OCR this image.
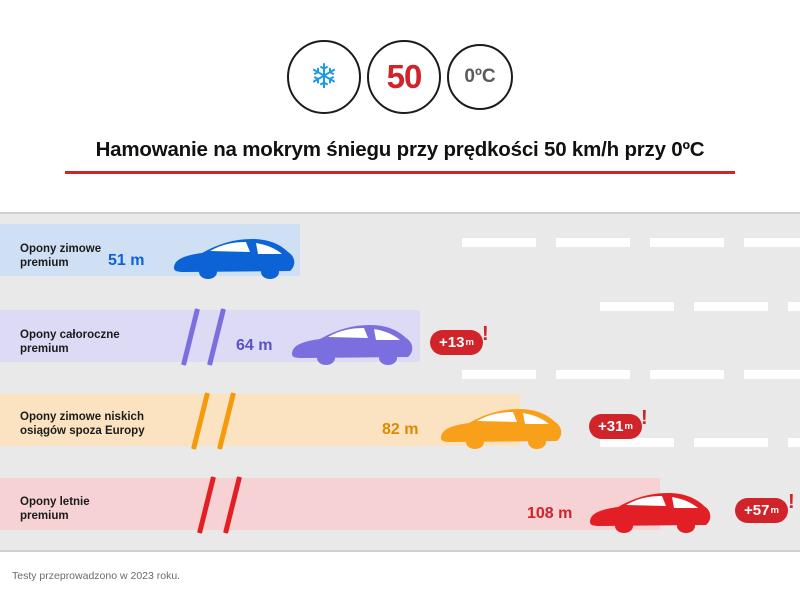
❄ 50 0ºC
Hamowanie na mokrym śniegu przy prędkości 50 km/h przy 0ºC
Opony zimowe
premium	51 m
Opony całoroczne
premium	64 m	+13 m !
Opony zimowe niskich
osiągów spoza Europy	82 m	+31 m !
Opony letnie
premium	108 m	+57 m !
Testy przeprowadzono w 2023 roku.
